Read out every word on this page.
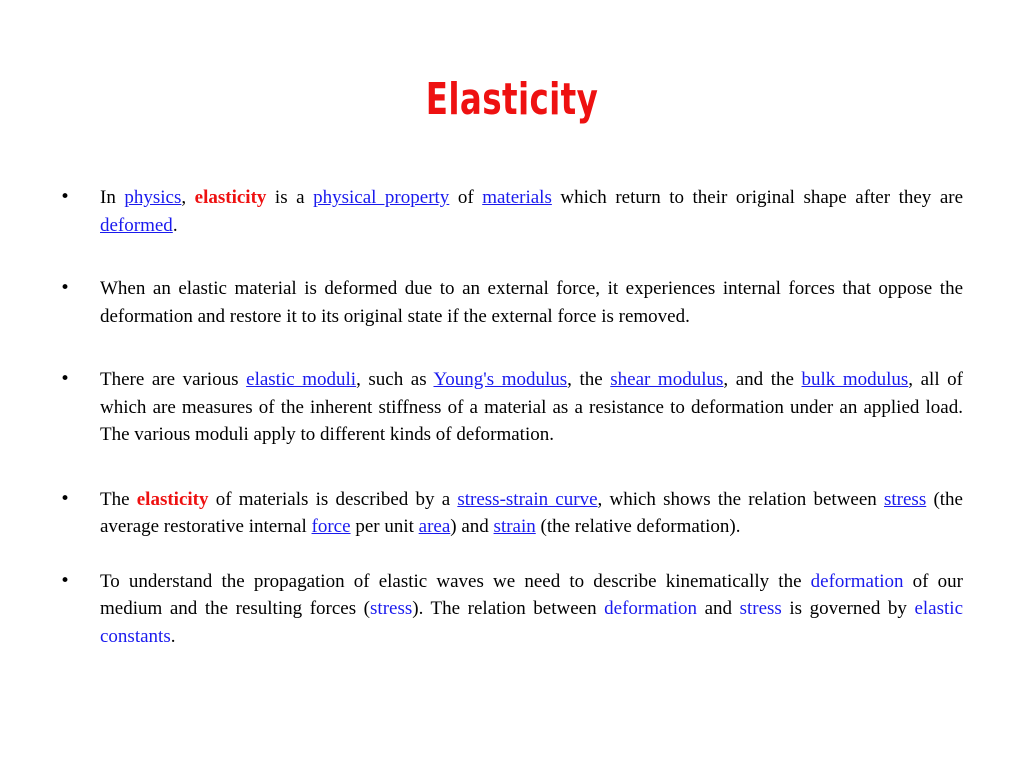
Elasticity
• In physics, elasticity is a physical property of materials which return to their original shape after they are deformed.
• When an elastic material is deformed due to an external force, it experiences internal forces that oppose the deformation and restore it to its original state if the external force is removed.
• There are various elastic moduli, such as Young's modulus, the shear modulus, and the bulk modulus, all of which are measures of the inherent stiffness of a material as a resistance to deformation under an applied load. The various moduli apply to different kinds of deformation.
• The elasticity of materials is described by a stress-strain curve, which shows the relation between stress (the average restorative internal force per unit area) and strain (the relative deformation).
• To understand the propagation of elastic waves we need to describe kinematically the deformation of our medium and the resulting forces (stress). The relation between deformation and stress is governed by elastic constants.
